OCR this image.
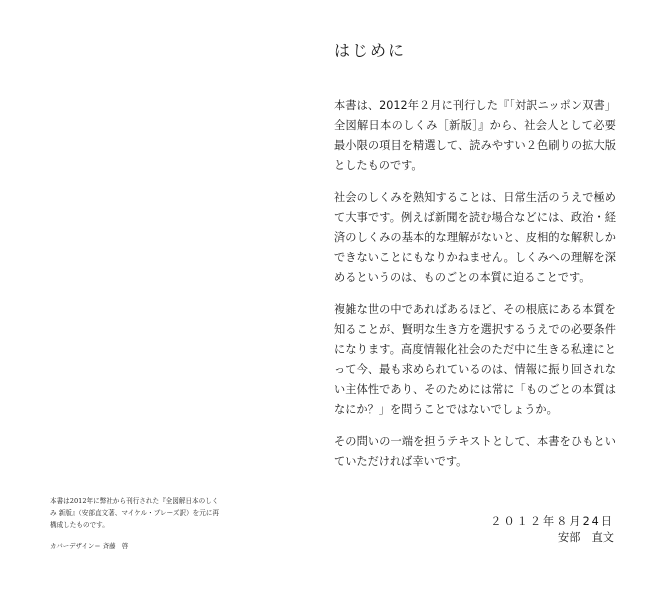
はじめに

本書は、2012年２月に刊行した『「対訳ニッポン双書」全図解日本のしくみ［新版］』から、社会人として必要最小限の項目を精選して、読みやすい２色刷りの拡大版としたものです。

社会のしくみを熟知することは、日常生活のうえで極めて大事です。例えば新聞を読む場合などには、政治・経済のしくみの基本的な理解がないと、皮相的な解釈しかできないことにもなりかねません。しくみへの理解を深めるというのは、ものごとの本質に迫ることです。

複雑な世の中であればあるほど、その根底にある本質を知ることが、賢明な生き方を選択するうえでの必要条件になります。高度情報化社会のただ中に生きる私達にとって今、最も求められているのは、情報に振り回されない主体性であり、そのためには常に「ものごとの本質はなにか？」を問うことではないでしょうか。

その問いの一端を担うテキストとして、本書をひもといていただければ幸いです。

２０１２年８月24日
安部　直文

本書は2012年に弊社から刊行された『全図解日本のしくみ 新版』（安部直文著、マイケル・ブレーズ訳）を元に再構成したものです。

カバーデザイン＝ 斉藤　啓
